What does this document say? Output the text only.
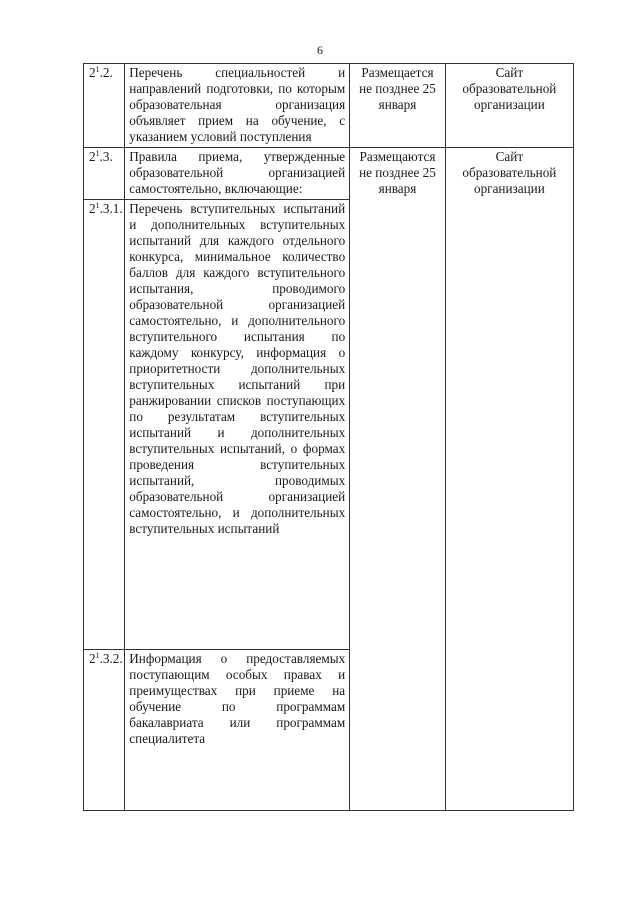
6
$2^1.2$.	Перечень специальностей и направлений подготовки, по которым образовательная организация объявляет прием на обучение, с указанием условий поступления	Размещается не позднее 25 января	Сайт образовательной организации
$2^1.3$.	Правила приема, утвержденные образовательной организацией самостоятельно, включающие:	Размещаются не позднее 25 января	Сайт образовательной организации
$2^1.3.1$.	Перечень вступительных испытаний и дополнительных вступительных испытаний для каждого отдельного конкурса, минимальное количество баллов для каждого вступительного испытания, проводимого образовательной организацией самостоятельно, и дополнительного вступительного испытания по каждому конкурсу, информация о приоритетности дополнительных вступительных испытаний при ранжировании списков поступающих по результатам вступительных испытаний и дополнительных вступительных испытаний, о формах проведения вступительных испытаний, проводимых образовательной организацией самостоятельно, и дополнительных вступительных испытаний		
$2^1.3.2$.	Информация о предоставляемых поступающим особых правах и преимуществах при приеме на обучение по программам бакалавриата или программам специалитета		
